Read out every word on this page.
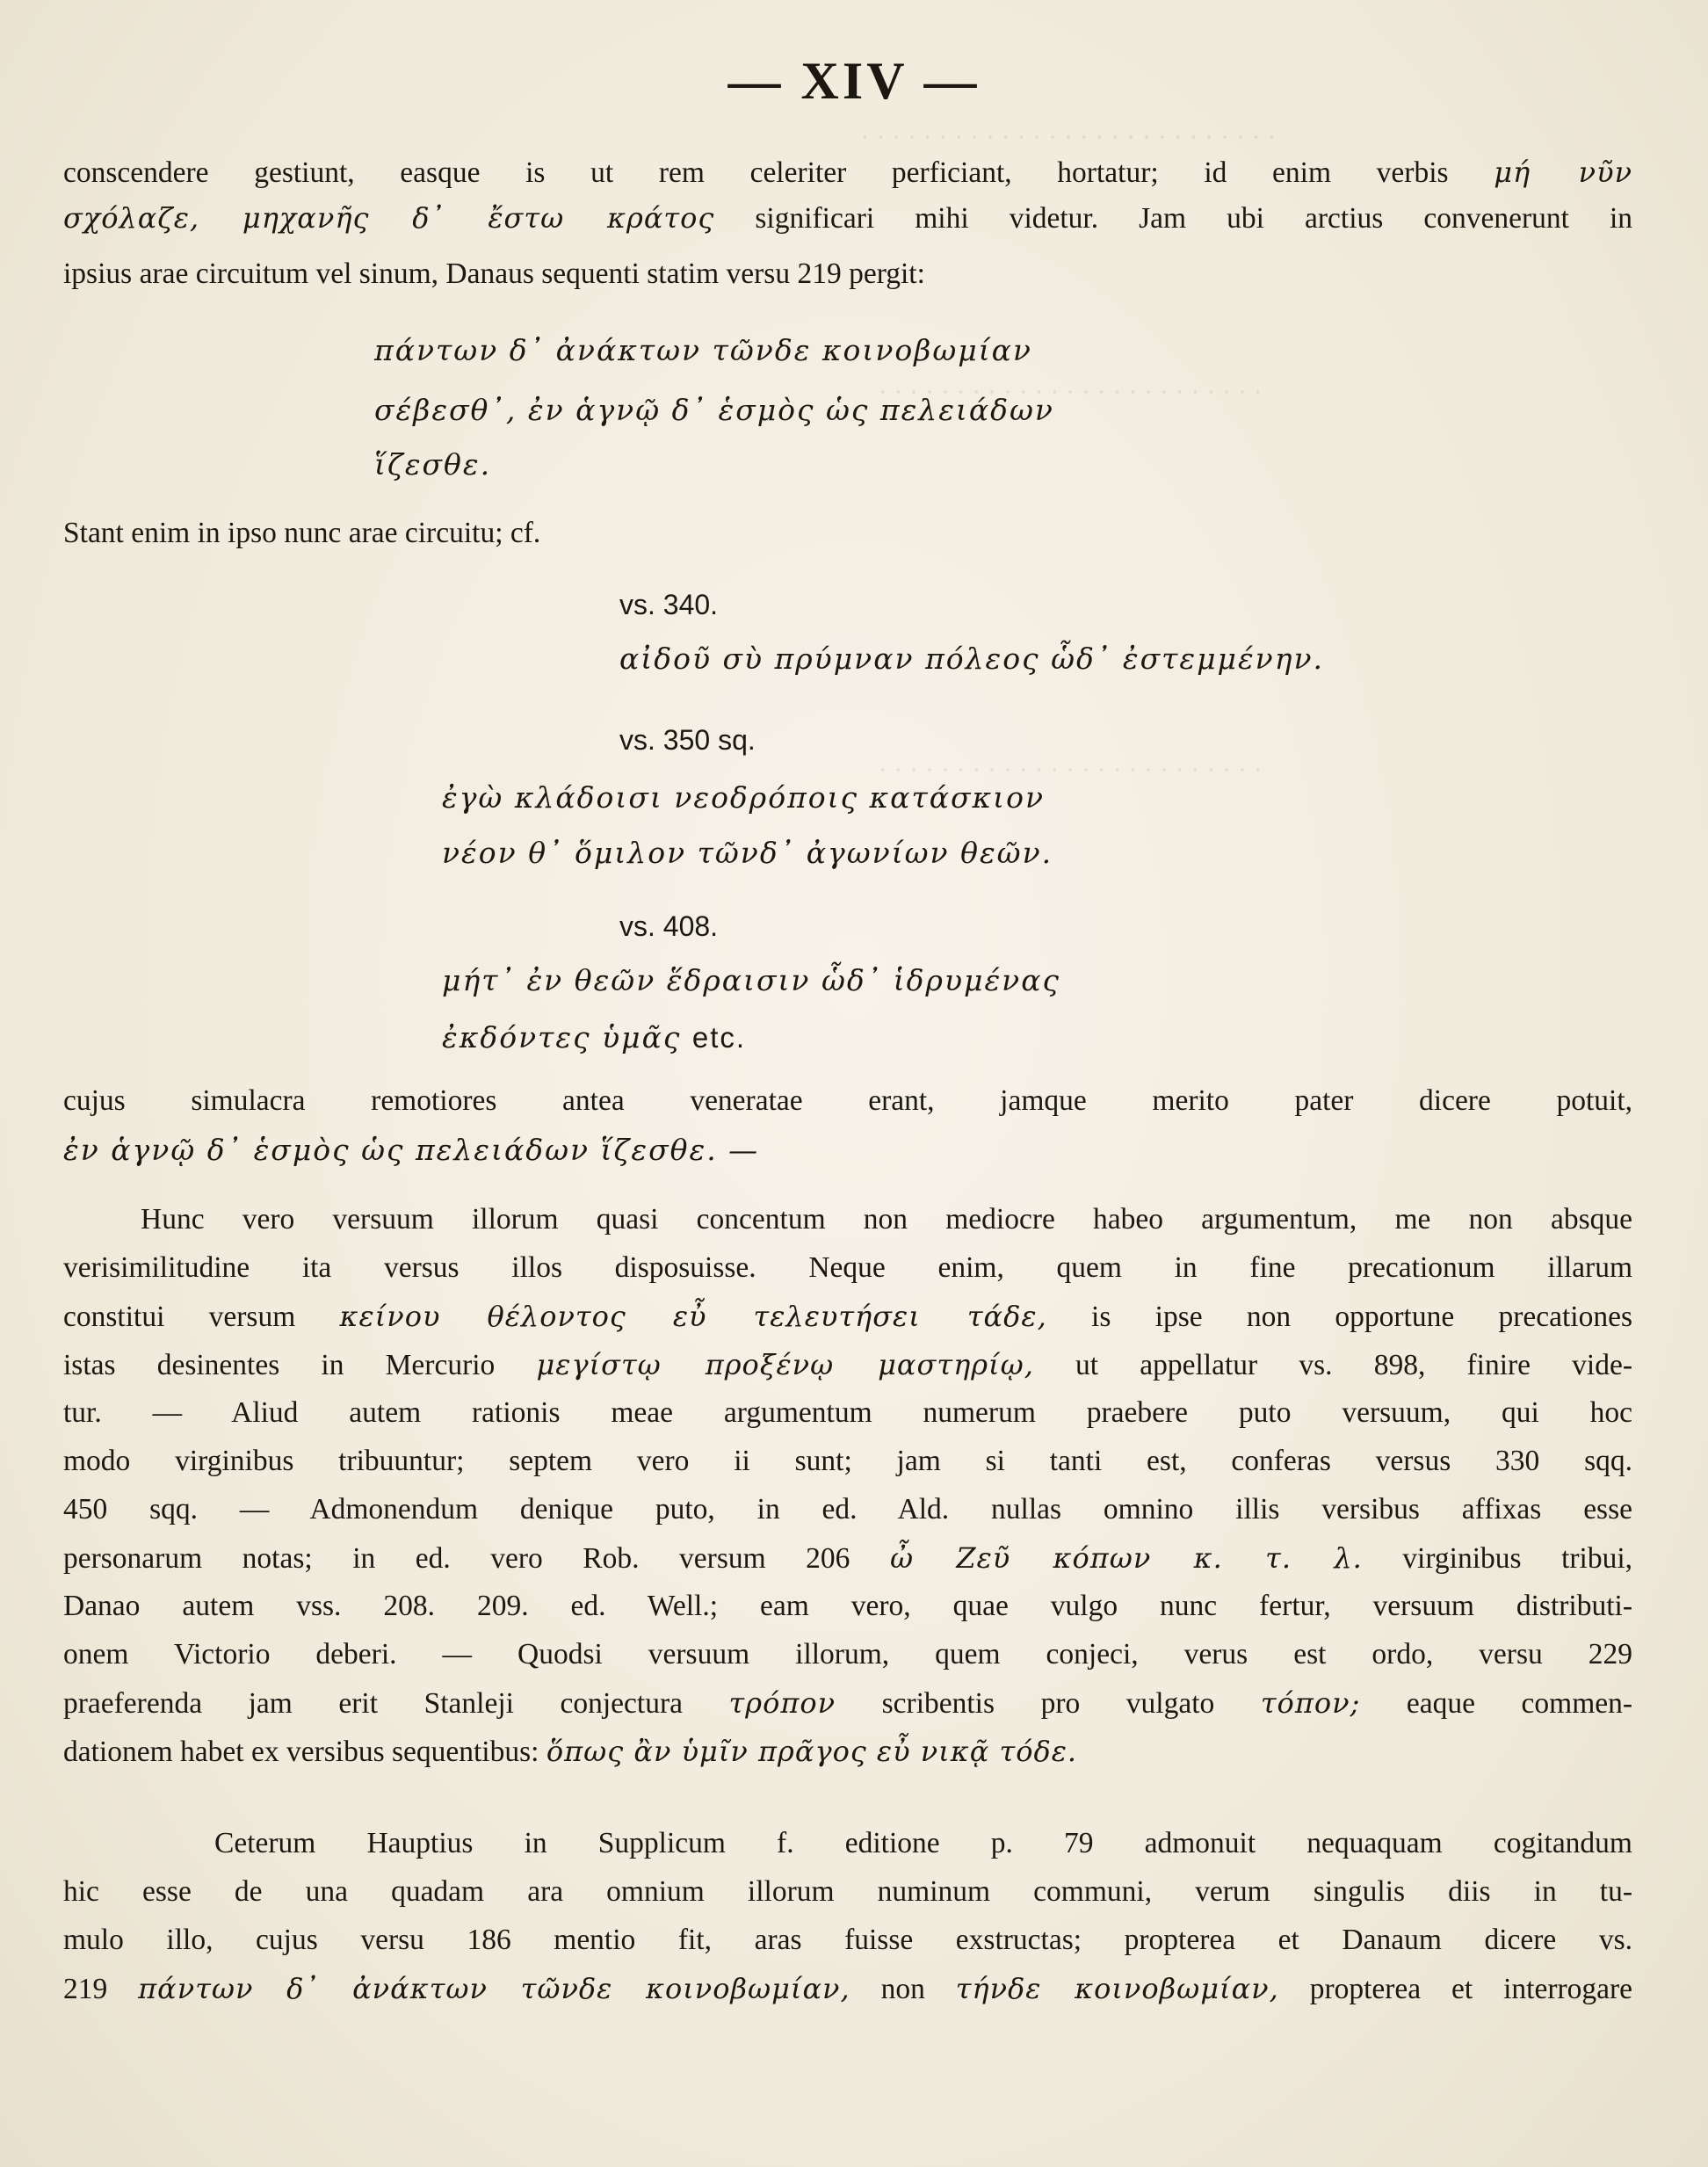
· · · · · · · · · · · · · · · · · · · · · · · · · · ·
· · · · · · · · · · · · · · · · · · · · · · · · ·
· · · · · · · · · · · · · · · · · · · · · · · · ·
— XIV —
conscendere gestiunt, easque is ut rem celeriter perficiant, hortatur; id enim verbis μή νῦν
σχόλαζε, μηχανῆς δ᾽ ἔστω κράτος significari mihi videtur. Jam ubi arctius convenerunt in
ipsius arae circuitum vel sinum, Danaus sequenti statim versu 219 pergit:
πάντων δ᾽ ἀνάκτων τῶνδε κοινοβωμίαν
σέβεσθ᾽, ἐν ἁγνῷ δ᾽ ἑσμὸς ὡς πελειάδων
ἵζεσθε.
Stant enim in ipso nunc arae circuitu; cf.
vs. 340.
αἰδοῦ σὺ πρύμναν πόλεος ὧδ᾽ ἐστεμμένην.
vs. 350 sq.
ἐγὼ κλάδοισι νεοδρόποις κατάσκιον
νέον θ᾽ ὅμιλον τῶνδ᾽ ἀγωνίων θεῶν.
vs. 408.
μήτ᾽ ἐν θεῶν ἕδραισιν ὧδ᾽ ἱδρυμένας
ἐκδόντες ὑμᾶς etc.
cujus simulacra remotiores antea veneratae erant, jamque merito pater dicere potuit,
ἐν ἁγνῷ δ᾽ ἑσμὸς ὡς πελειάδων ἵζεσθε. —
Hunc vero versuum illorum quasi concentum non mediocre habeo argumentum, me non absque
verisimilitudine ita versus illos disposuisse. Neque enim, quem in fine precationum illarum
constitui versum κείνου θέλοντος εὖ τελευτήσει τάδε, is ipse non opportune precationes
istas desinentes in Mercurio μεγίστῳ προξένῳ μαστηρίῳ, ut appellatur vs. 898, finire vide-
tur. — Aliud autem rationis meae argumentum numerum praebere puto versuum, qui hoc
modo virginibus tribuuntur; septem vero ii sunt; jam si tanti est, conferas versus 330 sqq.
450 sqq. — Admonendum denique puto, in ed. Ald. nullas omnino illis versibus affixas esse
personarum notas; in ed. vero Rob. versum 206 ὦ Ζεῦ κόπων κ. τ. λ. virginibus tribui,
Danao autem vss. 208. 209. ed. Well.; eam vero, quae vulgo nunc fertur, versuum distributi-
onem Victorio deberi. — Quodsi versuum illorum, quem conjeci, verus est ordo, versu 229
praeferenda jam erit Stanleji conjectura τρόπον scribentis pro vulgato τόπον; eaque commen-
dationem habet ex versibus sequentibus: ὅπως ἂν ὑμῖν πρᾶγος εὖ νικᾷ τόδε.
Ceterum Hauptius in Supplicum f. editione p. 79 admonuit nequaquam cogitandum
hic esse de una quadam ara omnium illorum numinum communi, verum singulis diis in tu-
mulo illo, cujus versu 186 mentio fit, aras fuisse exstructas; propterea et Danaum dicere vs.
219 πάντων δ᾽ ἀνάκτων τῶνδε κοινοβωμίαν, non τήνδε κοινοβωμίαν, propterea et interrogare
